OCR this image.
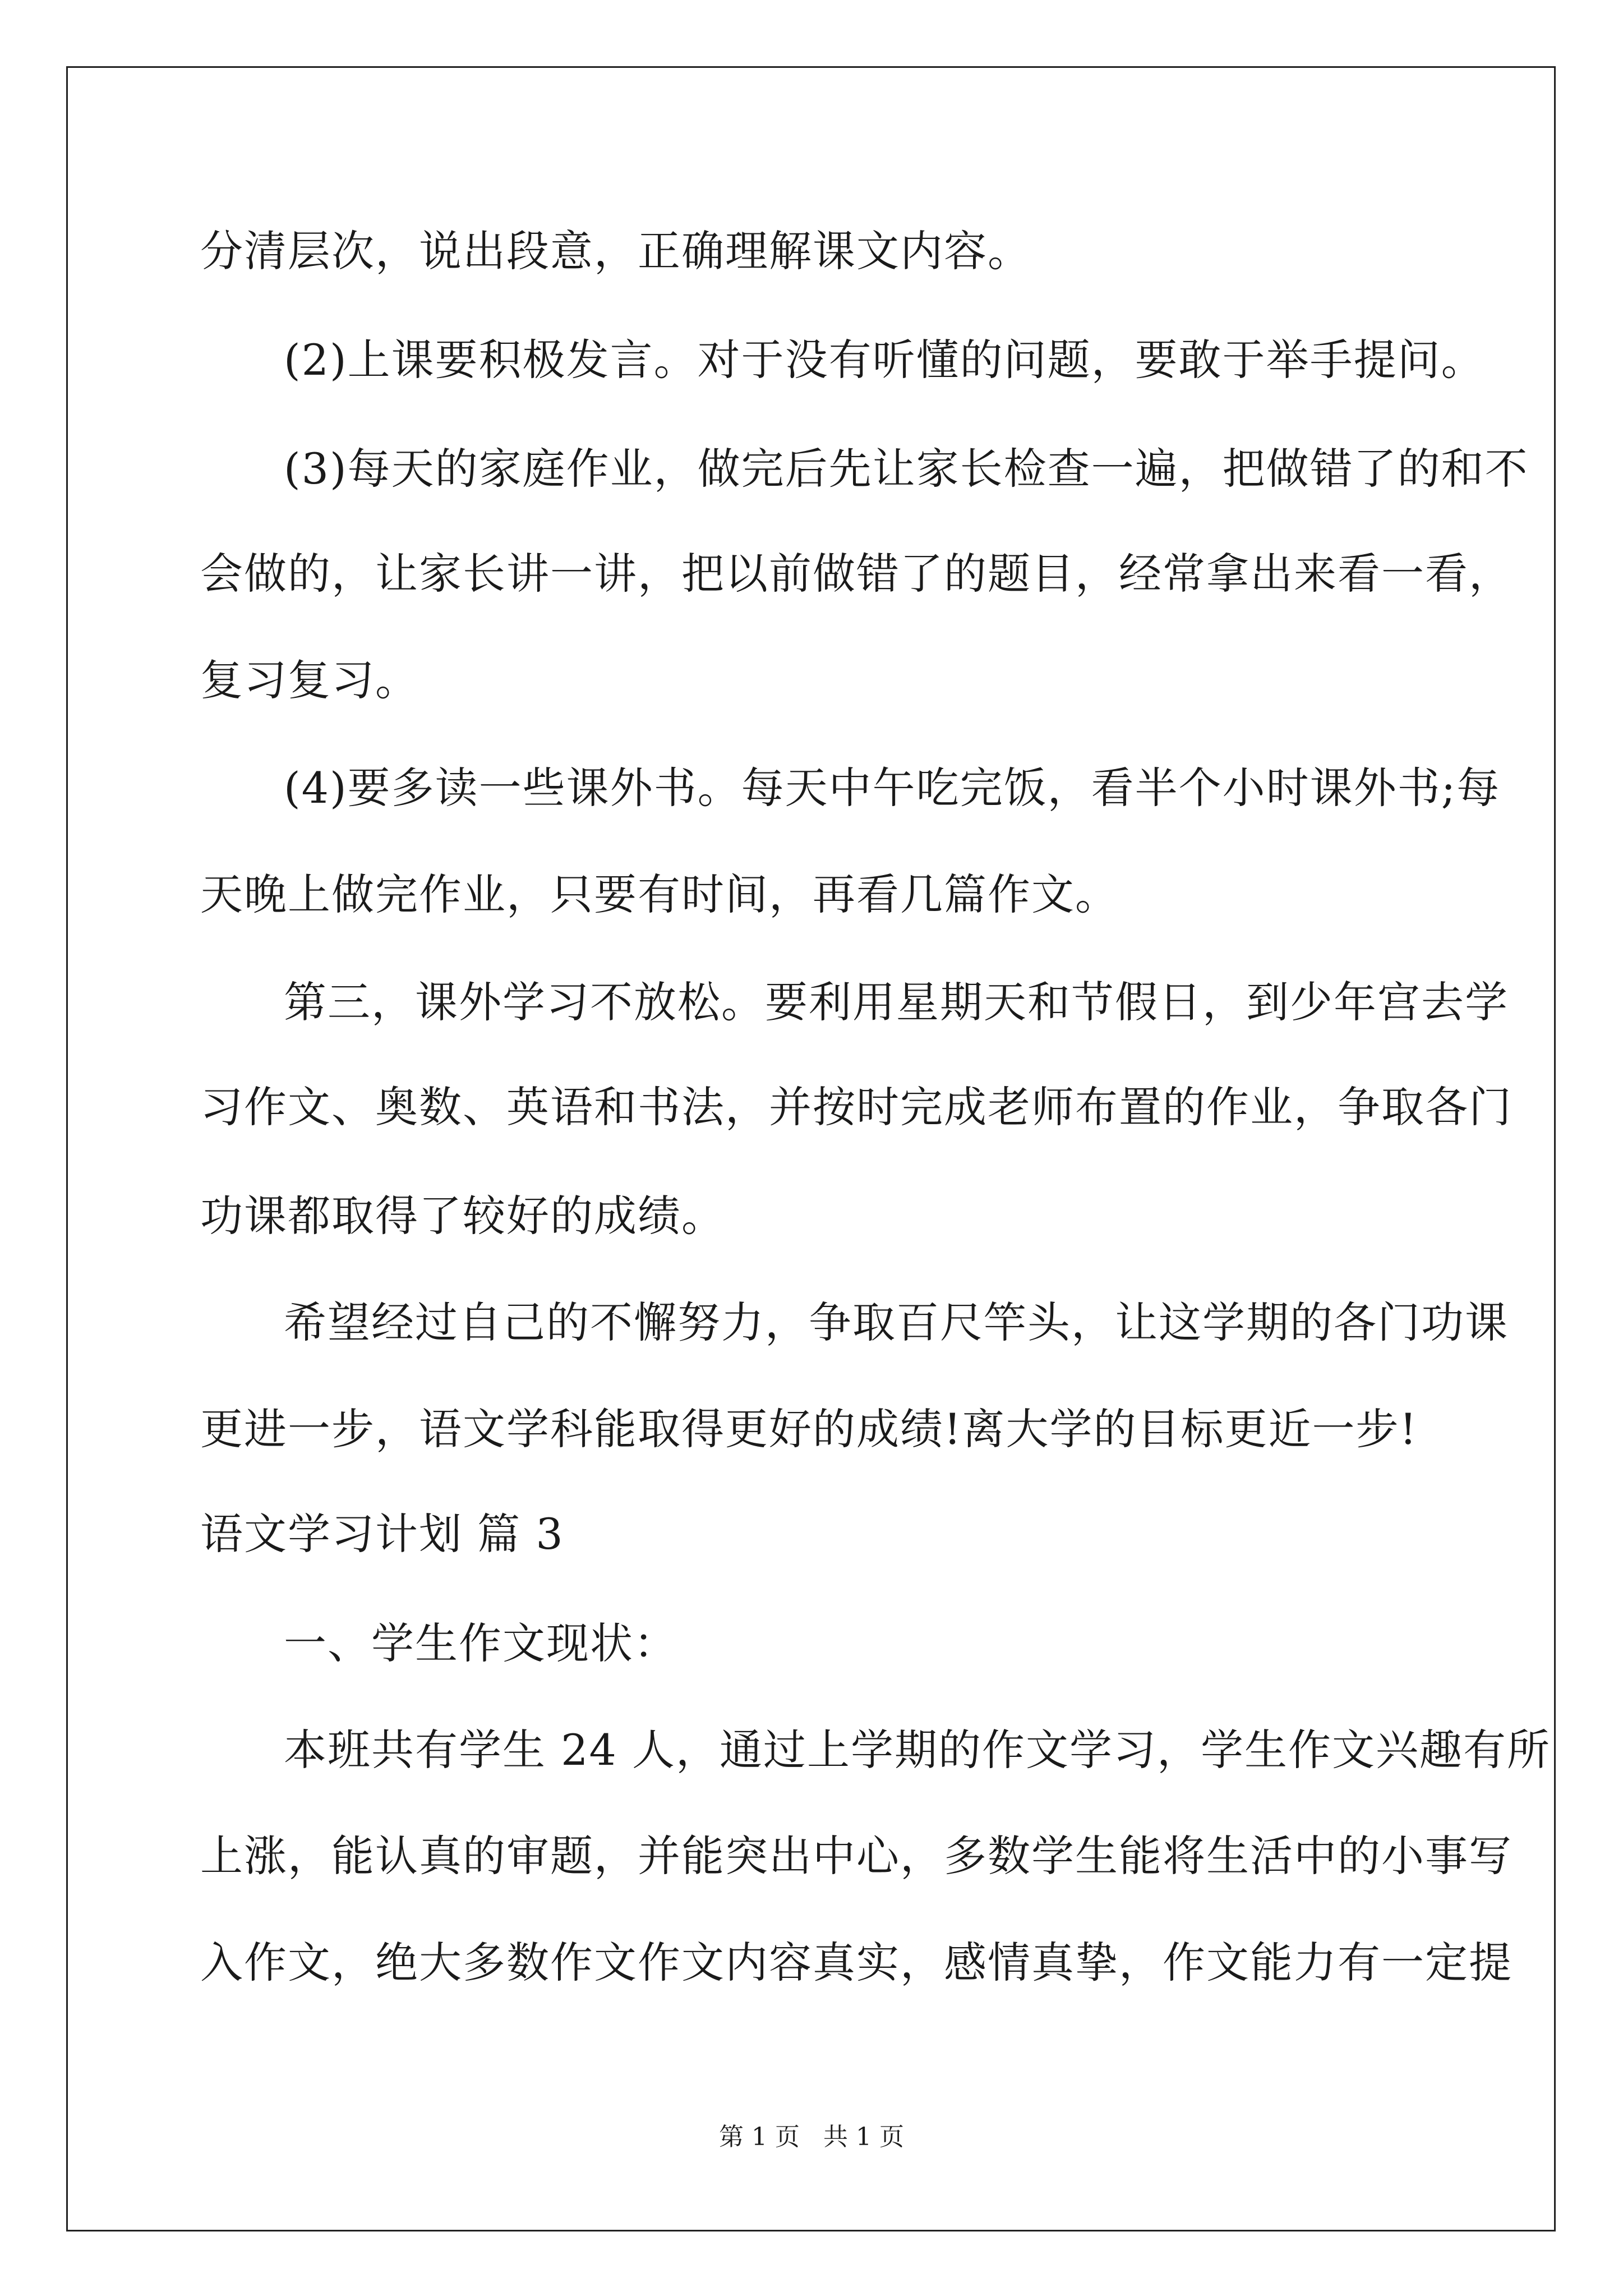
分清层次，说出段意，正确理解课文内容。
(2)上课要积极发言。对于没有听懂的问题，要敢于举手提问。
(3)每天的家庭作业，做完后先让家长检查一遍，把做错了的和不
会做的，让家长讲一讲，把以前做错了的题目，经常拿出来看一看，
复习复习。
(4)要多读一些课外书。每天中午吃完饭，看半个小时课外书;每
天晚上做完作业，只要有时间，再看几篇作文。
第三，课外学习不放松。要利用星期天和节假日，到少年宫去学
习作文、奥数、英语和书法，并按时完成老师布置的作业，争取各门
功课都取得了较好的成绩。
希望经过自己的不懈努力，争取百尺竿头，让这学期的各门功课
更进一步，语文学科能取得更好的成绩!离大学的目标更近一步!
语文学习计划 篇 3
一、学生作文现状：
本班共有学生 24 人，通过上学期的作文学习，学生作文兴趣有所
上涨，能认真的审题，并能突出中心，多数学生能将生活中的小事写
入作文，绝大多数作文作文内容真实，感情真挚，作文能力有一定提
第 1 页 共 1 页
